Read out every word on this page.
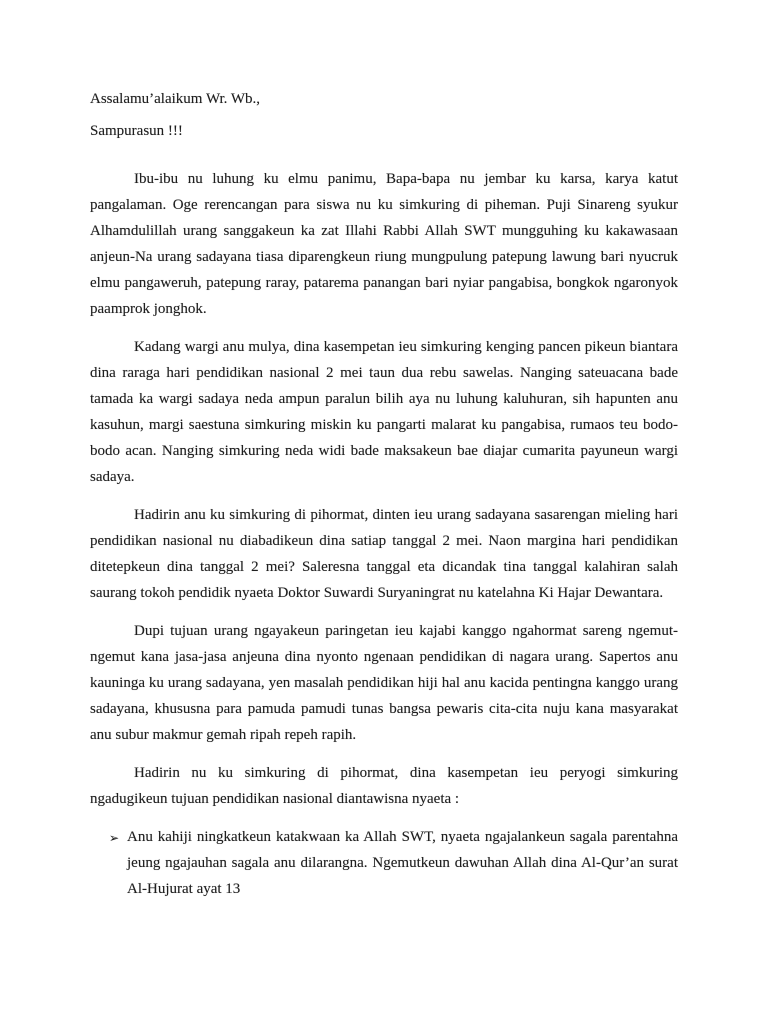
Assalamu’alaikum Wr. Wb.,

Sampurasun !!!

Ibu-ibu nu luhung ku elmu panimu, Bapa-bapa nu jembar ku karsa, karya katut pangalaman. Oge rerencangan para siswa nu ku simkuring di piheman. Puji Sinareng syukur Alhamdulillah urang sanggakeun ka zat Illahi Rabbi Allah SWT mungguhing ku kakawasaan anjeun-Na urang sadayana tiasa diparengkeun riung mungpulung patepung lawung bari nyucruk elmu pangaweruh, patepung raray, patarema panangan bari nyiar pangabisa, bongkok ngaronyok paamprok jonghok.

Kadang wargi anu mulya, dina kasempetan ieu simkuring kenging pancen pikeun biantara dina raraga hari pendidikan nasional 2 mei taun dua rebu sawelas. Nanging sateuacana bade tamada ka wargi sadaya neda ampun paralun bilih aya nu luhung kaluhuran, sih hapunten anu kasuhun, margi saestuna simkuring miskin ku pangarti malarat ku pangabisa, rumaos teu bodo-bodo acan. Nanging simkuring neda widi bade maksakeun bae diajar cumarita payuneun wargi sadaya.

Hadirin anu ku simkuring di pihormat, dinten ieu urang sadayana sasarengan mieling hari pendidikan nasional nu diabadikeun dina satiap tanggal 2 mei. Naon margina hari pendidikan ditetepkeun dina tanggal 2 mei? Saleresna tanggal eta dicandak tina tanggal kalahiran salah saurang tokoh pendidik nyaeta Doktor Suwardi Suryaningrat nu katelahna Ki Hajar Dewantara.

Dupi tujuan urang ngayakeun paringetan ieu kajabi kanggo ngahormat sareng ngemut-ngemut kana jasa-jasa anjeuna dina nyonto ngenaan pendidikan di nagara urang. Sapertos anu kauninga ku urang sadayana, yen masalah pendidikan hiji hal anu kacida pentingna kanggo urang sadayana, khususna para pamuda pamudi tunas bangsa pewaris cita-cita nuju kana masyarakat anu subur makmur gemah ripah repeh rapih.

Hadirin nu ku simkuring di pihormat, dina kasempetan ieu peryogi simkuring ngadugikeun tujuan pendidikan nasional diantawisna nyaeta :

➢ Anu kahiji ningkatkeun katakwaan ka Allah SWT, nyaeta ngajalankeun sagala parentahna jeung ngajauhan sagala anu dilarangna. Ngemutkeun dawuhan Allah dina Al-Qur’an surat Al-Hujurat ayat 13
